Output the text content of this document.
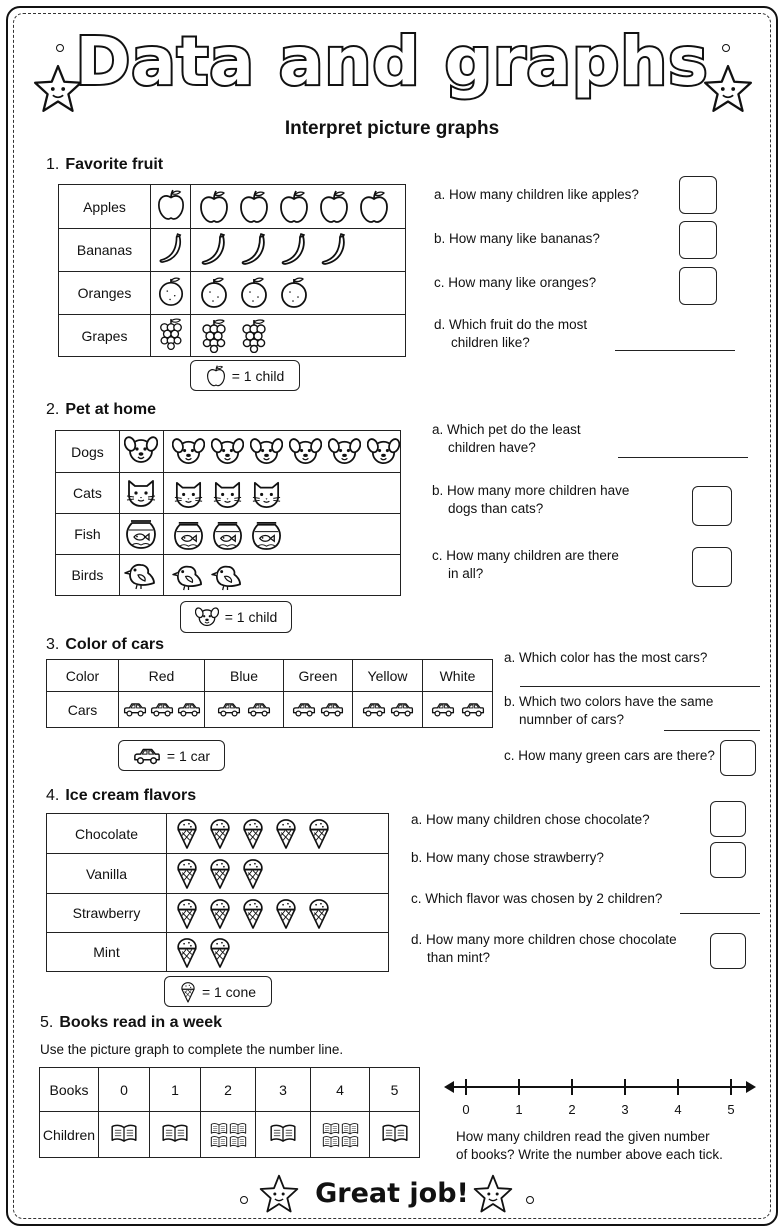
Data and graphs
Interpret picture graphs
1. Favorite fruit
Apples		

Bananas		

Oranges		

Grapes		
= 1 child
a. How many children like apples?
b. How many like bananas?
c. How many like oranges?
d. Which fruit do the most
children like?
2. Pet at home
Dogs		

Cats		

Fish		

Birds		
= 1 child
a. Which pet do the least
children have?
b. How many more children have
dogs than cats?
c. How many children are there
in all?
3. Color of cars
Color	Red	Blue	Green	Yellow	White
Cars	

= 1 car
a. Which color has the most cars?
b. Which two colors have the same
numnber of cars?
c. How many green cars are there?
4. Ice cream flavors
Chocolate	

Vanilla	

Strawberry	

Mint	
= 1 cone
a. How many children chose chocolate?
b. How many chose strawberry?
c. Which flavor was chosen by 2 children?
d. How many more children chose chocolate
than mint?
5. Books read in a week
Use the picture graph to complete the number line.
Books	0	1	2	3	4	5
Children			

0	1	2	3	4	5
How many children read the given number
of books? Write the number above each tick.
Great job!
